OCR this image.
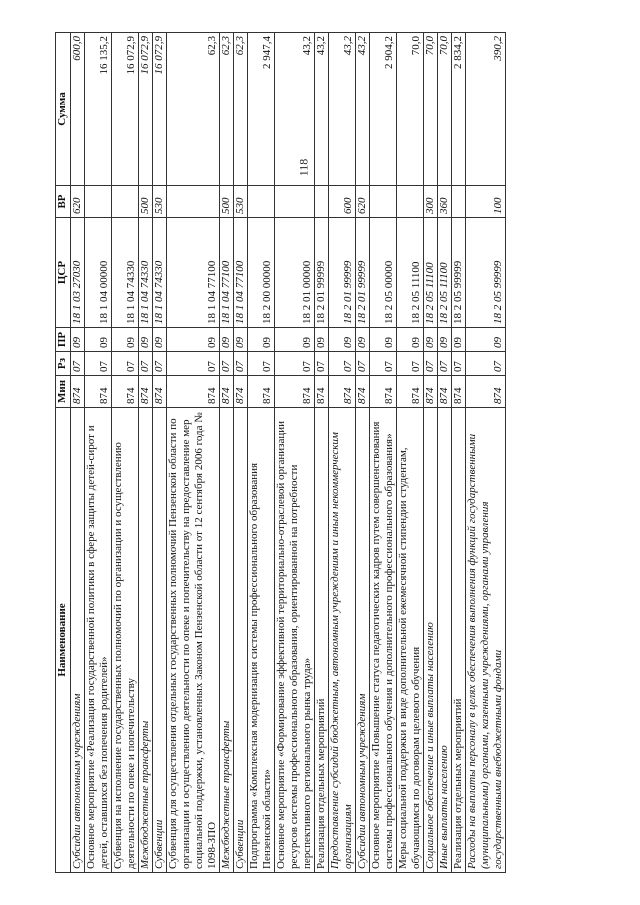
118
Наименование	Мин	Рз	ПР	ЦСР	ВР	Сумма
Субсидии автономным учреждениям	874	07	09	18 1 03 27030	620	600,0
Основное мероприятие «Реализация государственной политики в сфере защиты детей-сирот и детей, оставшихся без попечения родителей»	874	07	09	18 1 04 00000		16 135,2
Субвенция на исполнение государственных полномочий по организации и осуществлению деятельности по опеке и попечительству	874	07	09	18 1 04 74330		16 072,9
Межбюджетные трансферты	874	07	09	18 1 04 74330	500	16 072,9
Субвенции	874	07	09	18 1 04 74330	530	16 072,9
Субвенция для осуществления отдельных государственных полномочий Пензенской области по организации и осуществлению деятельности по опеке и попечительству на предоставление мер социальной поддержки, установленных Законом Пензенской области от 12 сентября 2006 года № 1098-ЗПО	874	07	09	18 1 04 77100		62,3
Межбюджетные трансферты	874	07	09	18 1 04 77100	500	62,3
Субвенции	874	07	09	18 1 04 77100	530	62,3
Подпрограмма «Комплексная модернизация системы профессионального образования Пензенской области»	874	07	09	18 2 00 00000		2 947,4
Основное мероприятие «Формирование эффективной территориально-отраслевой организации ресурсов системы профессионального образования, ориентированной на потребности перспективного регионального рынка труда»	874	07	09	18 2 01 00000		43,2
Реализация отдельных мероприятий	874	07	09	18 2 01 99999		43,2
Предоставление субсидий бюджетным, автономным учреждениям и иным некоммерческим организациям	874	07	09	18 2 01 99999	600	43,2
Субсидии автономным учреждениям	874	07	09	18 2 01 99999	620	43,2
Основное мероприятие «Повышение статуса педагогических кадров путем совершенствования системы профессионального обучения и дополнительного профессионального образования»	874	07	09	18 2 05 00000		2 904,2
Меры социальной поддержки в виде дополнительной ежемесячной стипендии студентам, обучающимся по договорам целевого обучения	874	07	09	18 2 05 11100		70,0
Социальное обеспечение и иные выплаты населению	874	07	09	18 2 05 11100	300	70,0
Иные выплаты населению	874	07	09	18 2 05 11100	360	70,0
Реализация отдельных мероприятий	874	07	09	18 2 05 99999		2 834,2
Расходы на выплаты персоналу в целях обеспечения выполнения функций государственными (муниципальными) органами, казенными учреждениями, органами управления государственными внебюджетными фондами	874	07	09	18 2 05 99999	100	390,2
